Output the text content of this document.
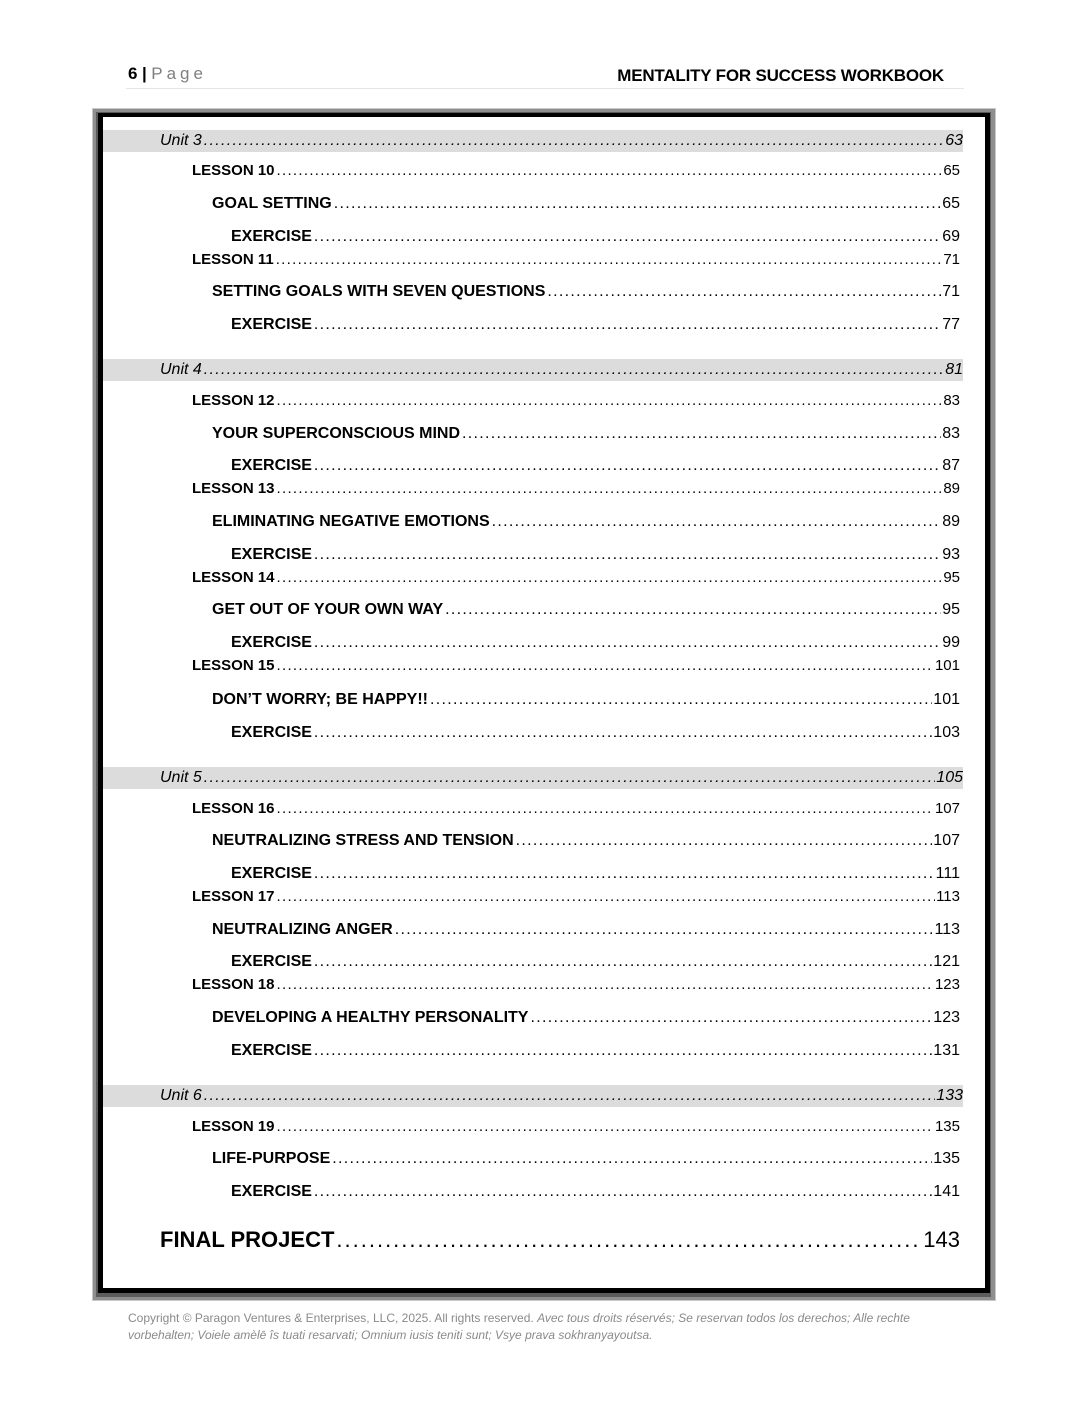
6 | Page	MENTALITY FOR SUCCESS WORKBOOK
Unit 3 .....	63
LESSON 10 .....	65
GOAL SETTING .....	65
EXERCISE .....	69
LESSON 11 .....	71
SETTING GOALS WITH SEVEN QUESTIONS .....	71
EXERCISE .....	77
Unit 4 .....	81
LESSON 12 .....	83
YOUR SUPERCONSCIOUS MIND .....	83
EXERCISE .....	87
LESSON 13 .....	89
ELIMINATING NEGATIVE EMOTIONS .....	89
EXERCISE .....	93
LESSON 14 .....	95
GET OUT OF YOUR OWN WAY .....	95
EXERCISE .....	99
LESSON 15 .....	101
DON’T WORRY; BE HAPPY!! .....	101
EXERCISE .....	103
Unit 5 .....	105
LESSON 16 .....	107
NEUTRALIZING STRESS AND TENSION .....	107
EXERCISE .....	111
LESSON 17 .....	113
NEUTRALIZING ANGER .....	113
EXERCISE .....	121
LESSON 18 .....	123
DEVELOPING A HEALTHY PERSONALITY .....	123
EXERCISE .....	131
Unit 6 .....	133
LESSON 19 .....	135
LIFE-PURPOSE .....	135
EXERCISE .....	141
FINAL PROJECT .....	143
Copyright © Paragon Ventures & Enterprises, LLC, 2025. All rights reserved. Avec tous droits réservés; Se reservan todos los derechos; Alle rechte vorbehalten; Voiele amèlē îs tuati resarvati; Omnium iusis teniti sunt; Vsye prava sokhranyayoutsa.
